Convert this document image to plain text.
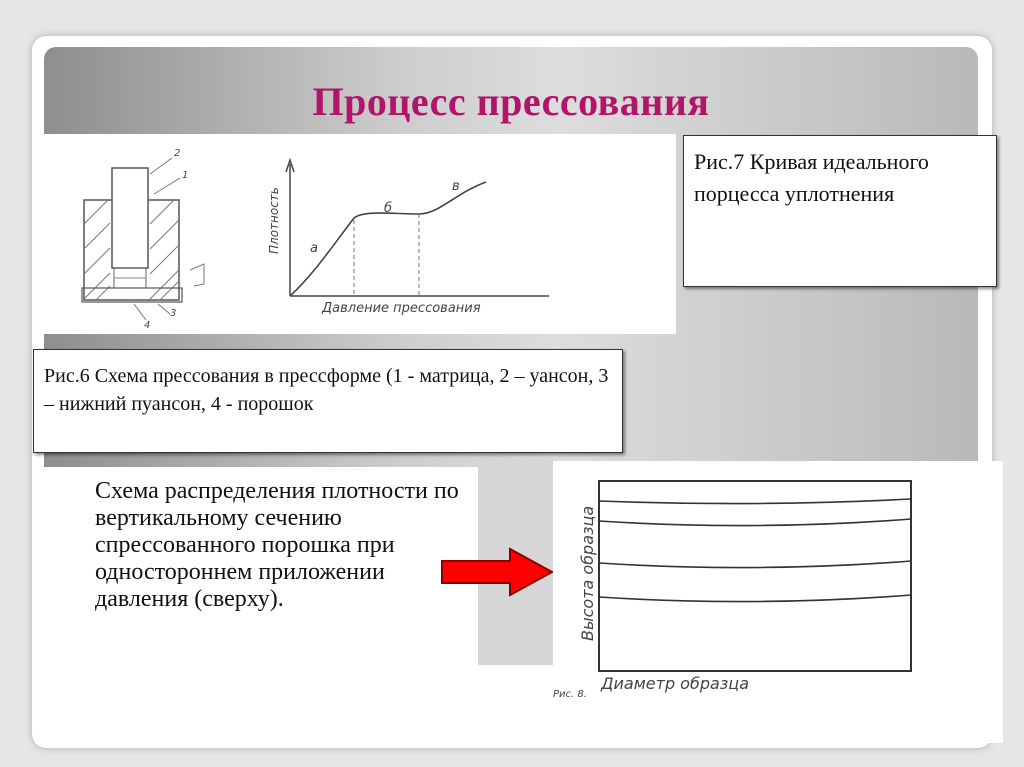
Процесс прессования
2
1
4
3
Плотность
Давление прессования
а
б
в
Рис.7 Кривая идеального порцесса уплотнения
Рис.6 Схема прессования в прессформе (1 - матрица, 2 – уансон, 3 – нижний пуансон, 4 - порошок
Схема распределения плотности по вертикальному сечению спрессованного порошка при одностороннем приложении давления (сверху).	Высота образца
Диаметр образца
Рис. 8.
